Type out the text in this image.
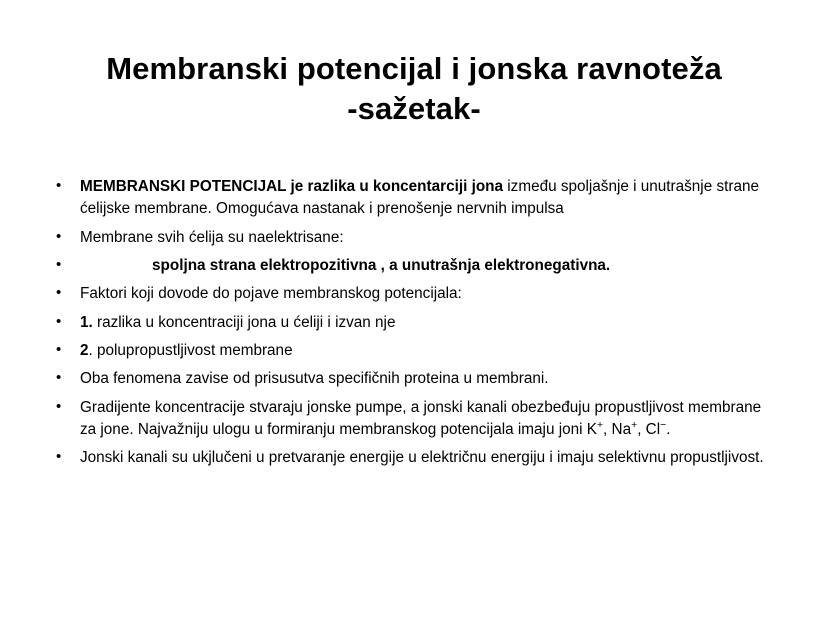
Membranski potencijal i jonska ravnoteža
-sažetak-
• MEMBRANSKI POTENCIJAL je razlika u koncentarciji jona između spoljašnje i unutrašnje strane ćelijske membrane. Omogućava nastanak i prenošenje nervnih impulsa
• Membrane svih ćelija su naelektrisane:
•	spoljna strana elektropozitivna , a unutrašnja elektronegativna.
• Faktori koji dovode do pojave membranskog potencijala:
• 1. razlika u koncentraciji jona u ćeliji i izvan nje
• 2. polupropustljivost membrane
• Oba fenomena zavise od prisusutva specifičnih proteina u membrani.
• Gradijente koncentracije stvaraju jonske pumpe, a jonski kanali obezbeđuju propustljivost membrane za jone. Najvažniju ulogu u formiranju membranskog potencijala imaju joni K+, Na+, Cl−.
• Jonski kanali su ukjlučeni u pretvaranje energije u električnu energiju i imaju selektivnu propustljivost.
